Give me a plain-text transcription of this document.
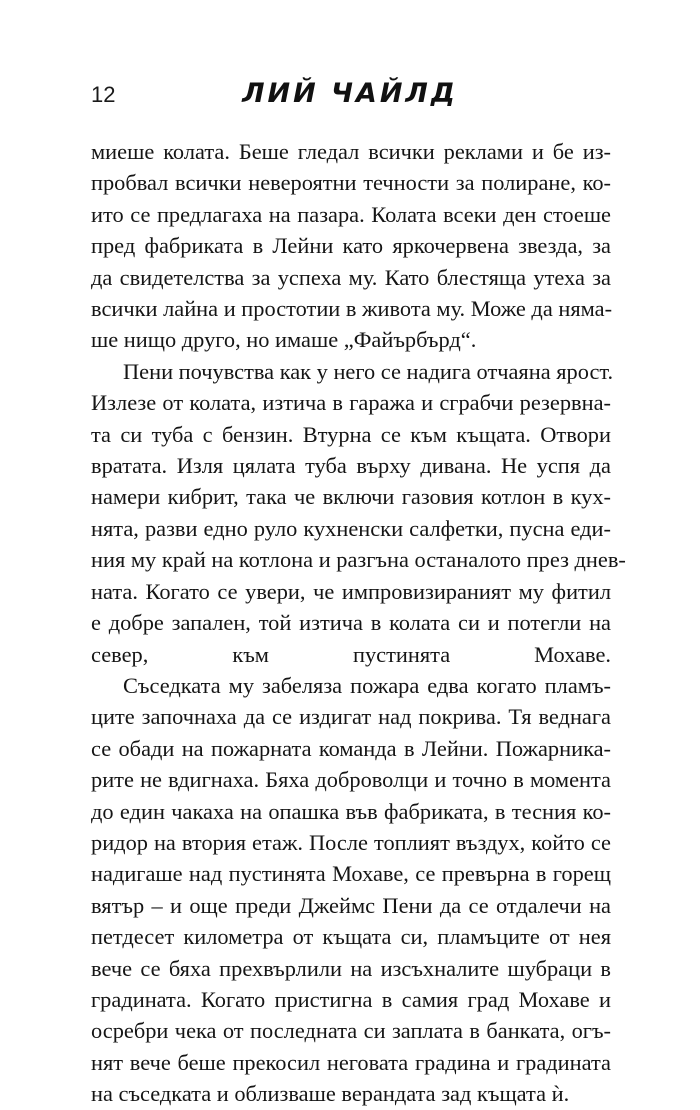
12	ЛИЙ ЧАЙЛД

миеше колата. Беше гледал всички реклами и бе из-
пробвал всички невероятни течности за полиране, ко-
ито се предлагаха на пазара. Колата всеки ден стоеше
пред фабриката в Лейни като яркочервена звезда, за
да свидетелства за успеха му. Като блестяща утеха за
всички лайна и простотии в живота му. Може да няма-
ше нищо друго, но имаше „Файърбърд“.

Пени почувства как у него се надига отчаяна ярост.
Излезе от колата, изтича в гаража и сграбчи резервна-
та си туба с бензин. Втурна се към къщата. Отвори
вратата. Изля цялата туба върху дивана. Не успя да
намери кибрит, така че включи газовия котлон в кух-
нята, разви едно руло кухненски салфетки, пусна еди-
ния му край на котлона и разгъна останалото през днев-
ната. Когато се увери, че импровизираният му фитил
е добре запален, той изтича в колата си и потегли на
север, към пустинята Мохаве.

Съседката му забеляза пожара едва когато пламъ-
ците започнаха да се издигат над покрива. Тя веднага
се обади на пожарната команда в Лейни. Пожарника-
рите не вдигнаха. Бяха доброволци и точно в момента
до един чакаха на опашка във фабриката, в тесния ко-
ридор на втория етаж. После топлият въздух, който се
надигаше над пустинята Мохаве, се превърна в горещ
вятър – и още преди Джеймс Пени да се отдалечи на
петдесет километра от къщата си, пламъците от нея
вече се бяха прехвърлили на изсъхналите шубраци в
градината. Когато пристигна в самия град Мохаве и
осребри чека от последната си заплата в банката, огъ-
нят вече беше прекосил неговата градина и градината
на съседката и облизваше верандата зад къщата ѝ.
